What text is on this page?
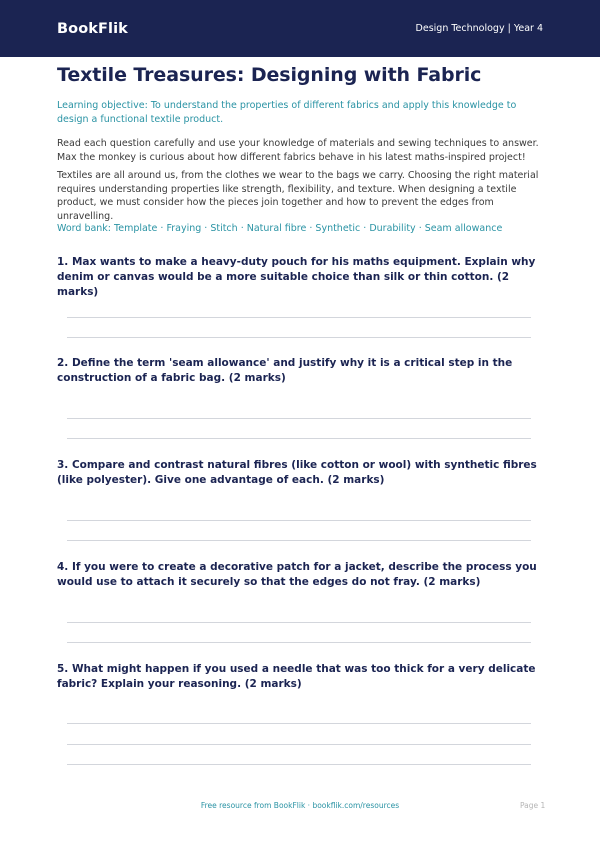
BookFlik	Design Technology | Year 4
Textile Treasures: Designing with Fabric
Learning objective: To understand the properties of different fabrics and apply this knowledge to design a functional textile product.
Read each question carefully and use your knowledge of materials and sewing techniques to answer. Max the monkey is curious about how different fabrics behave in his latest maths-inspired project!
Textiles are all around us, from the clothes we wear to the bags we carry. Choosing the right material requires understanding properties like strength, flexibility, and texture. When designing a textile product, we must consider how the pieces join together and how to prevent the edges from unravelling.
Word bank: Template · Fraying · Stitch · Natural fibre · Synthetic · Durability · Seam allowance
1. Max wants to make a heavy-duty pouch for his maths equipment. Explain why denim or canvas would be a more suitable choice than silk or thin cotton. (2 marks)
2. Define the term 'seam allowance' and justify why it is a critical step in the construction of a fabric bag. (2 marks)
3. Compare and contrast natural fibres (like cotton or wool) with synthetic fibres (like polyester). Give one advantage of each. (2 marks)
4. If you were to create a decorative patch for a jacket, describe the process you would use to attach it securely so that the edges do not fray. (2 marks)
5. What might happen if you used a needle that was too thick for a very delicate fabric? Explain your reasoning. (2 marks)
Free resource from BookFlik · bookflik.com/resources	Page 1
